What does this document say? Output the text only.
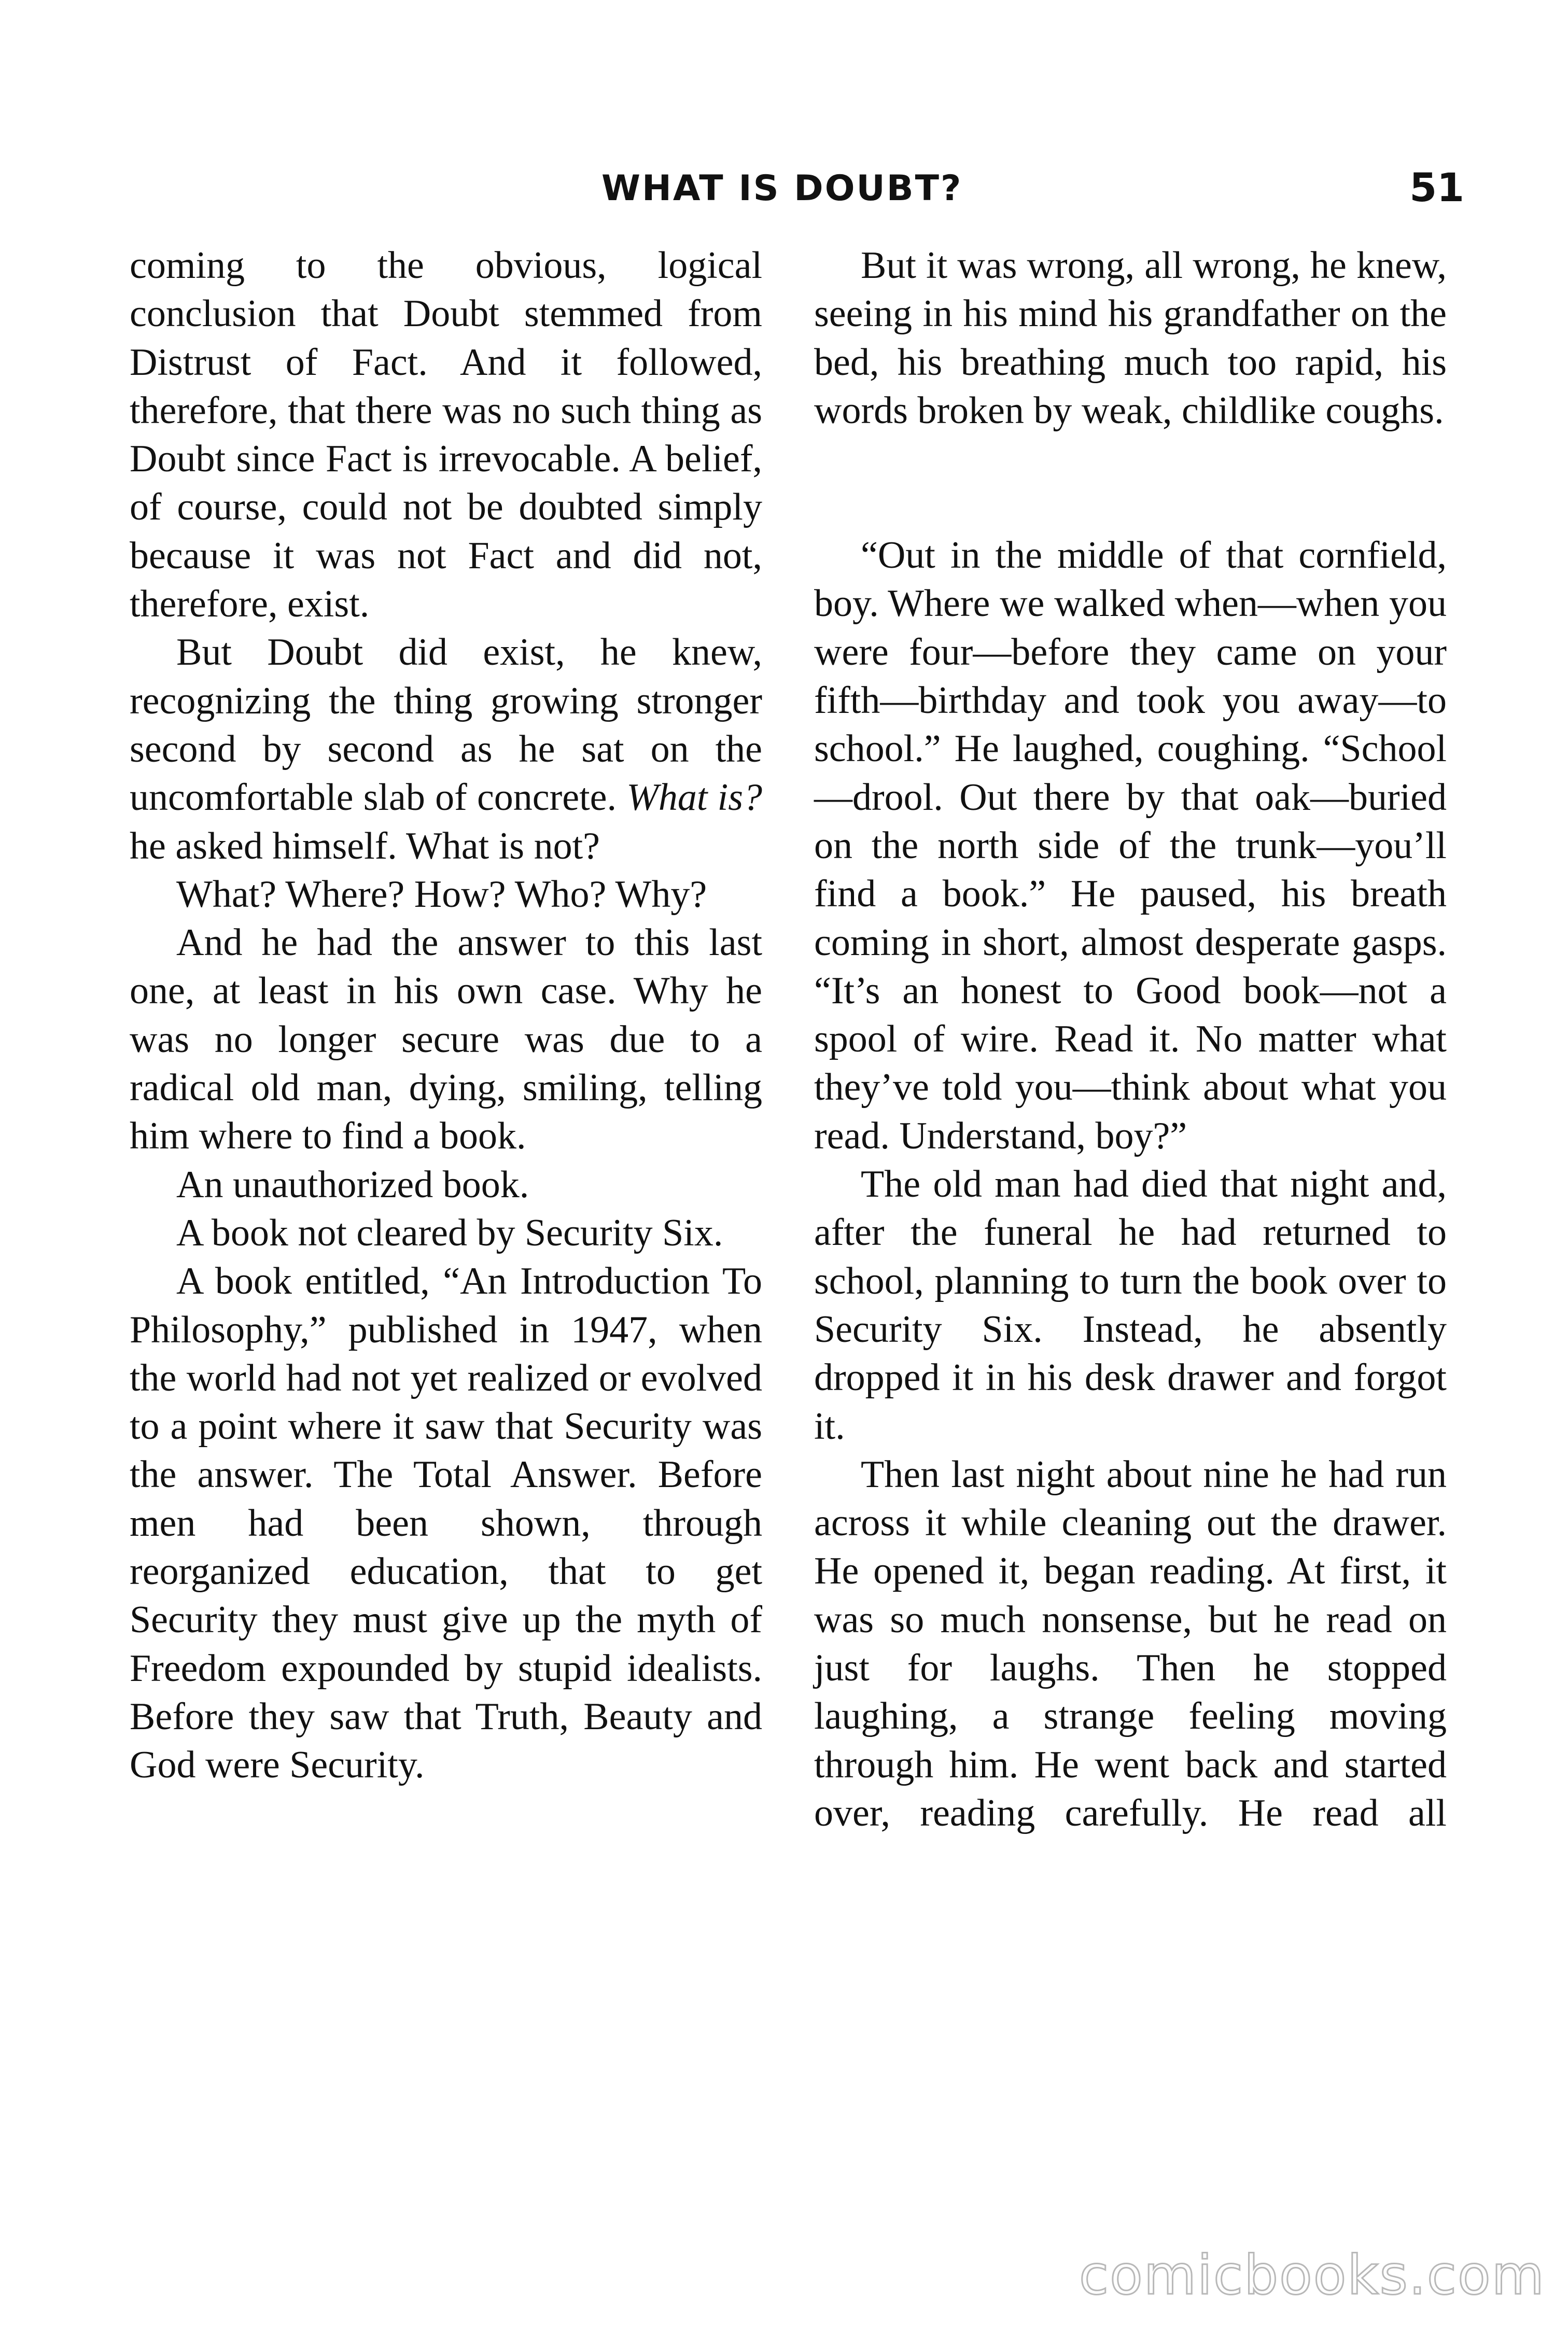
WHAT IS DOUBT?	51

coming to the obvious, logical conclusion that Doubt stemmed from Distrust of Fact. And it followed, therefore, that there was no such thing as Doubt since Fact is irrevocable. A belief, of course, could not be doubted simply because it was not Fact and did not, therefore, exist.

But Doubt did exist, he knew, recognizing the thing growing stronger second by second as he sat on the uncomfortable slab of concrete. What is? he asked himself. What is not?

What? Where? How? Who? Why?

And he had the answer to this last one, at least in his own case. Why he was no longer secure was due to a radical old man, dying, smiling, telling him where to find a book.

An unauthorized book.

A book not cleared by Security Six.

A book entitled, “An Introduction To Philosophy,” published in 1947, when the world had not yet realized or evolved to a point where it saw that Security was the answer. The Total Answer. Before men had been shown, through reorganized education, that to get Security they must give up the myth of Freedom expounded by stupid idealists. Before they saw that Truth, Beauty and God were Security.

But it was wrong, all wrong, he knew, seeing in his mind his grandfather on the bed, his breathing much too rapid, his words broken by weak, childlike coughs.

“Out in the middle of that cornfield, boy. Where we walked when—when you were four—before they came on your fifth—birthday and took you away—to school.” He laughed, coughing. “School—drool. Out there by that oak—buried on the north side of the trunk—you’ll find a book.” He paused, his breath coming in short, almost desperate gasps. “It’s an honest to Good book—not a spool of wire. Read it. No matter what they’ve told you—think about what you read. Understand, boy?”

The old man had died that night and, after the funeral he had returned to school, planning to turn the book over to Security Six. Instead, he absently dropped it in his desk drawer and forgot it.

Then last night about nine he had run across it while cleaning out the drawer. He opened it, began reading. At first, it was so much nonsense, but he read on just for laughs. Then he stopped laughing, a strange feeling moving through him. He went back and started over, reading carefully. He read all

comicbooks.com
